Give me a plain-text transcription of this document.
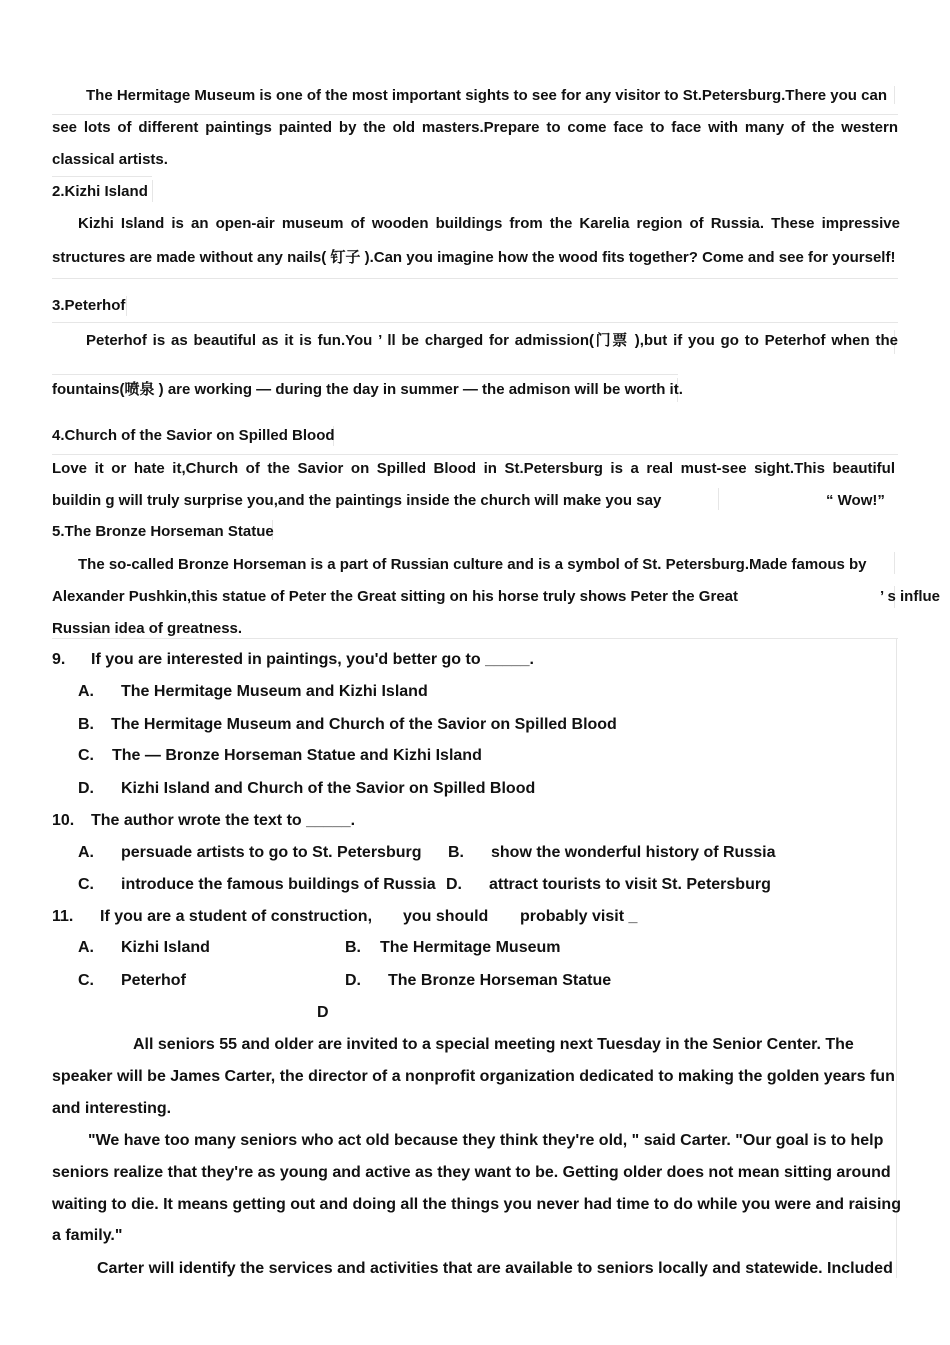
The Hermitage Museum is one of the most important sights to see for any visitor to St.Petersburg.There you can
see lots of different paintings painted by the old masters.Prepare to come face to face with many of the western
classical artists.
2.Kizhi Island
Kizhi Island is an open-air museum of wooden buildings from the Karelia region of Russia. These impressive
structures are made without any nails( 钉子 ).Can you imagine how the wood fits together? Come and see for yourself!
3.Peterhof
Peterhof is as beautiful as it is fun.You ’ ll be charged for admission(门票 ),but if you go to Peterhof when the
fountains(喷泉 ) are working — during the day in summer — the admison will be worth it.
4.Church of the Savior on Spilled Blood
Love it or hate it,Church of the Savior on Spilled Blood in St.Petersburg is a real must-see sight.This beautiful
buildin g will truly surprise you,and the paintings inside the church will make you say	“ Wow!”
5.The Bronze Horseman Statue
The so-called Bronze Horseman is a part of Russian culture and is a symbol of St. Petersburg.Made famous by
Alexander Pushkin,this statue of Peter the Great sitting on his horse truly shows Peter the Great	’ s influe
Russian idea of greatness.
9. If you are interested in paintings, you'd better go to _____.
A. The Hermitage Museum and Kizhi Island
B. The Hermitage Museum and Church of the Savior on Spilled Blood
C. The — Bronze Horseman Statue and Kizhi Island
D. Kizhi Island and Church of the Savior on Spilled Blood
10. The author wrote the text to _____.
A. persuade artists to go to St. Petersburg B. show the wonderful history of Russia
C. introduce the famous buildings of Russia D. attract tourists to visit St. Petersburg
11. If you are a student of construction, you should probably visit _
A. Kizhi Island	B. The Hermitage Museum
C. Peterhof	D. The Bronze Horseman Statue
D
All seniors 55 and older are invited to a special meeting next Tuesday in the Senior Center. The
speaker will be James Carter, the director of a nonprofit organization dedicated to making the golden years fun
and interesting.
"We have too many seniors who act old because they think they're old, " said Carter. "Our goal is to help
seniors realize that they're as young and active as they want to be. Getting older does not mean sitting around
waiting to die. It means getting out and doing all the things you never had time to do while you were and raising
a family."
Carter will identify the services and activities that are available to seniors locally and statewide. Included
